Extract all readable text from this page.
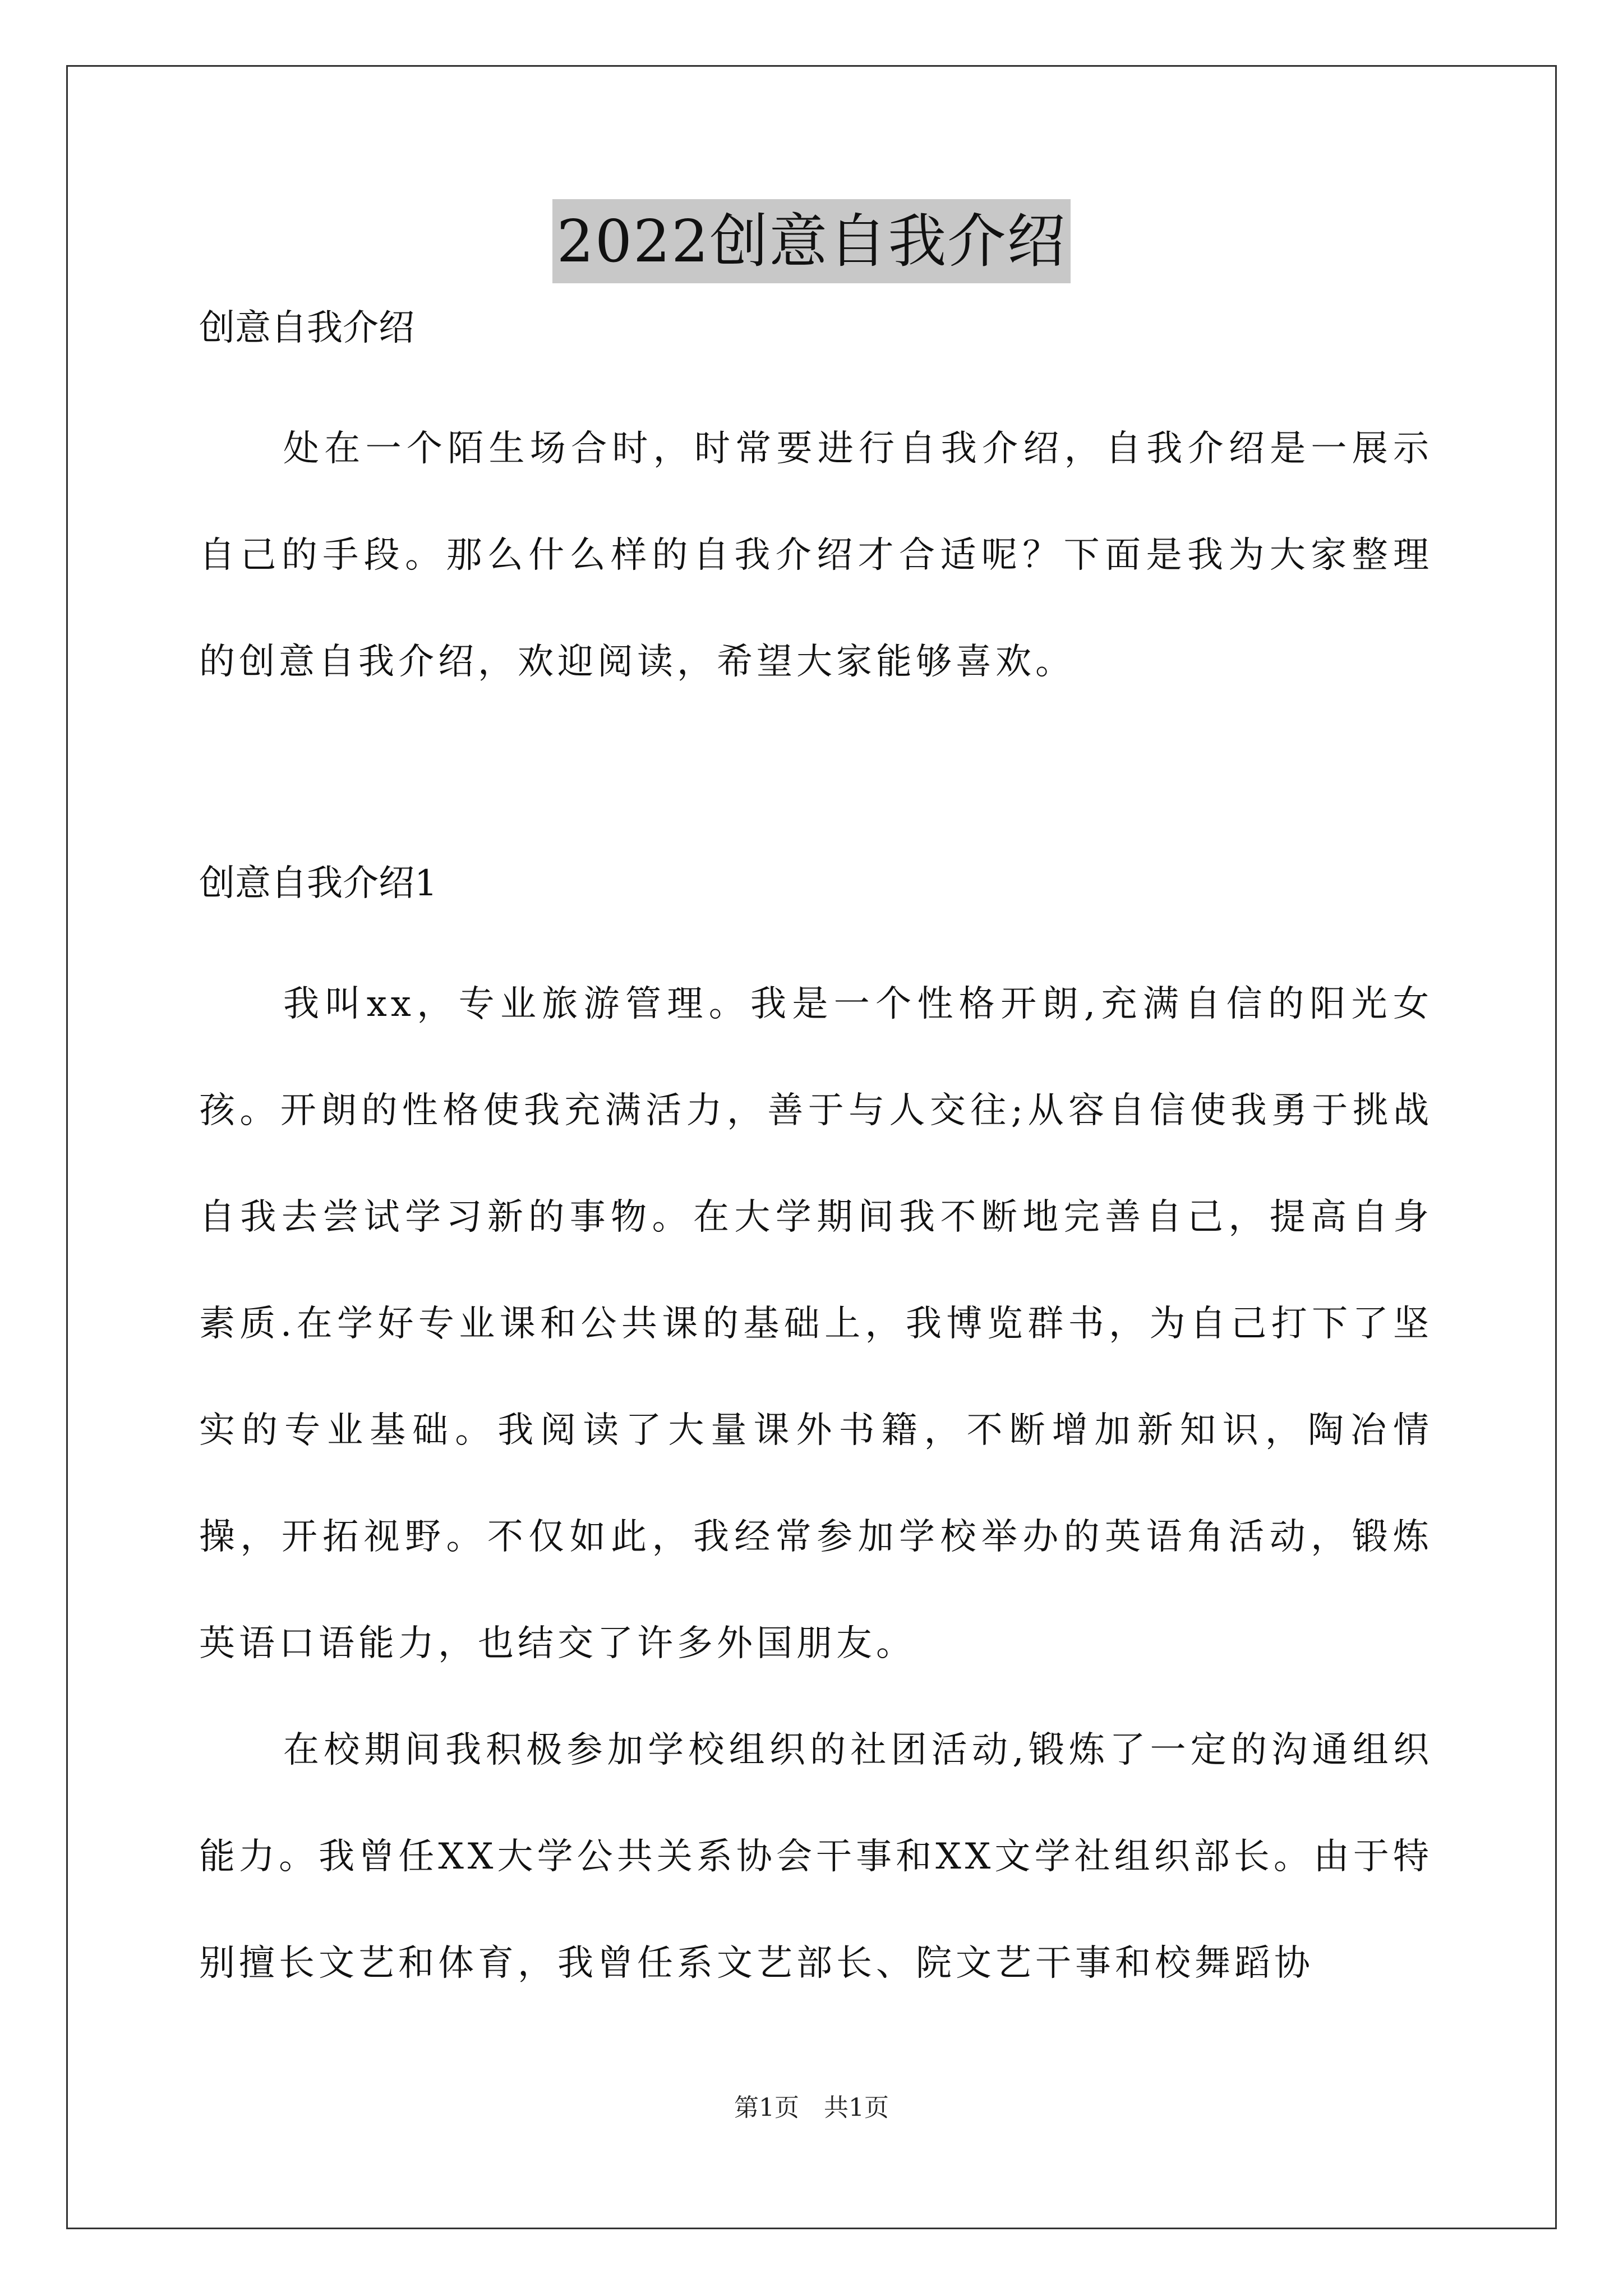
2022创意自我介绍

创意自我介绍

处在一个陌生场合时，时常要进行自我介绍，自我介绍是一展示自己的手段。那么什么样的自我介绍才合适呢？下面是我为大家整理的创意自我介绍，欢迎阅读，希望大家能够喜欢。

创意自我介绍1

我叫xx，专业旅游管理。我是一个性格开朗,充满自信的阳光女孩。开朗的性格使我充满活力，善于与人交往;从容自信使我勇于挑战自我去尝试学习新的事物。在大学期间我不断地完善自己，提高自身素质.在学好专业课和公共课的基础上，我博览群书，为自己打下了坚实的专业基础。我阅读了大量课外书籍，不断增加新知识，陶冶情操，开拓视野。不仅如此，我经常参加学校举办的英语角活动，锻炼英语口语能力，也结交了许多外国朋友。

在校期间我积极参加学校组织的社团活动,锻炼了一定的沟通组织能力。我曾任XX大学公共关系协会干事和XX文学社组织部长。由于特别擅长文艺和体育，我曾任系文艺部长、院文艺干事和校舞蹈协

第1页　共1页
